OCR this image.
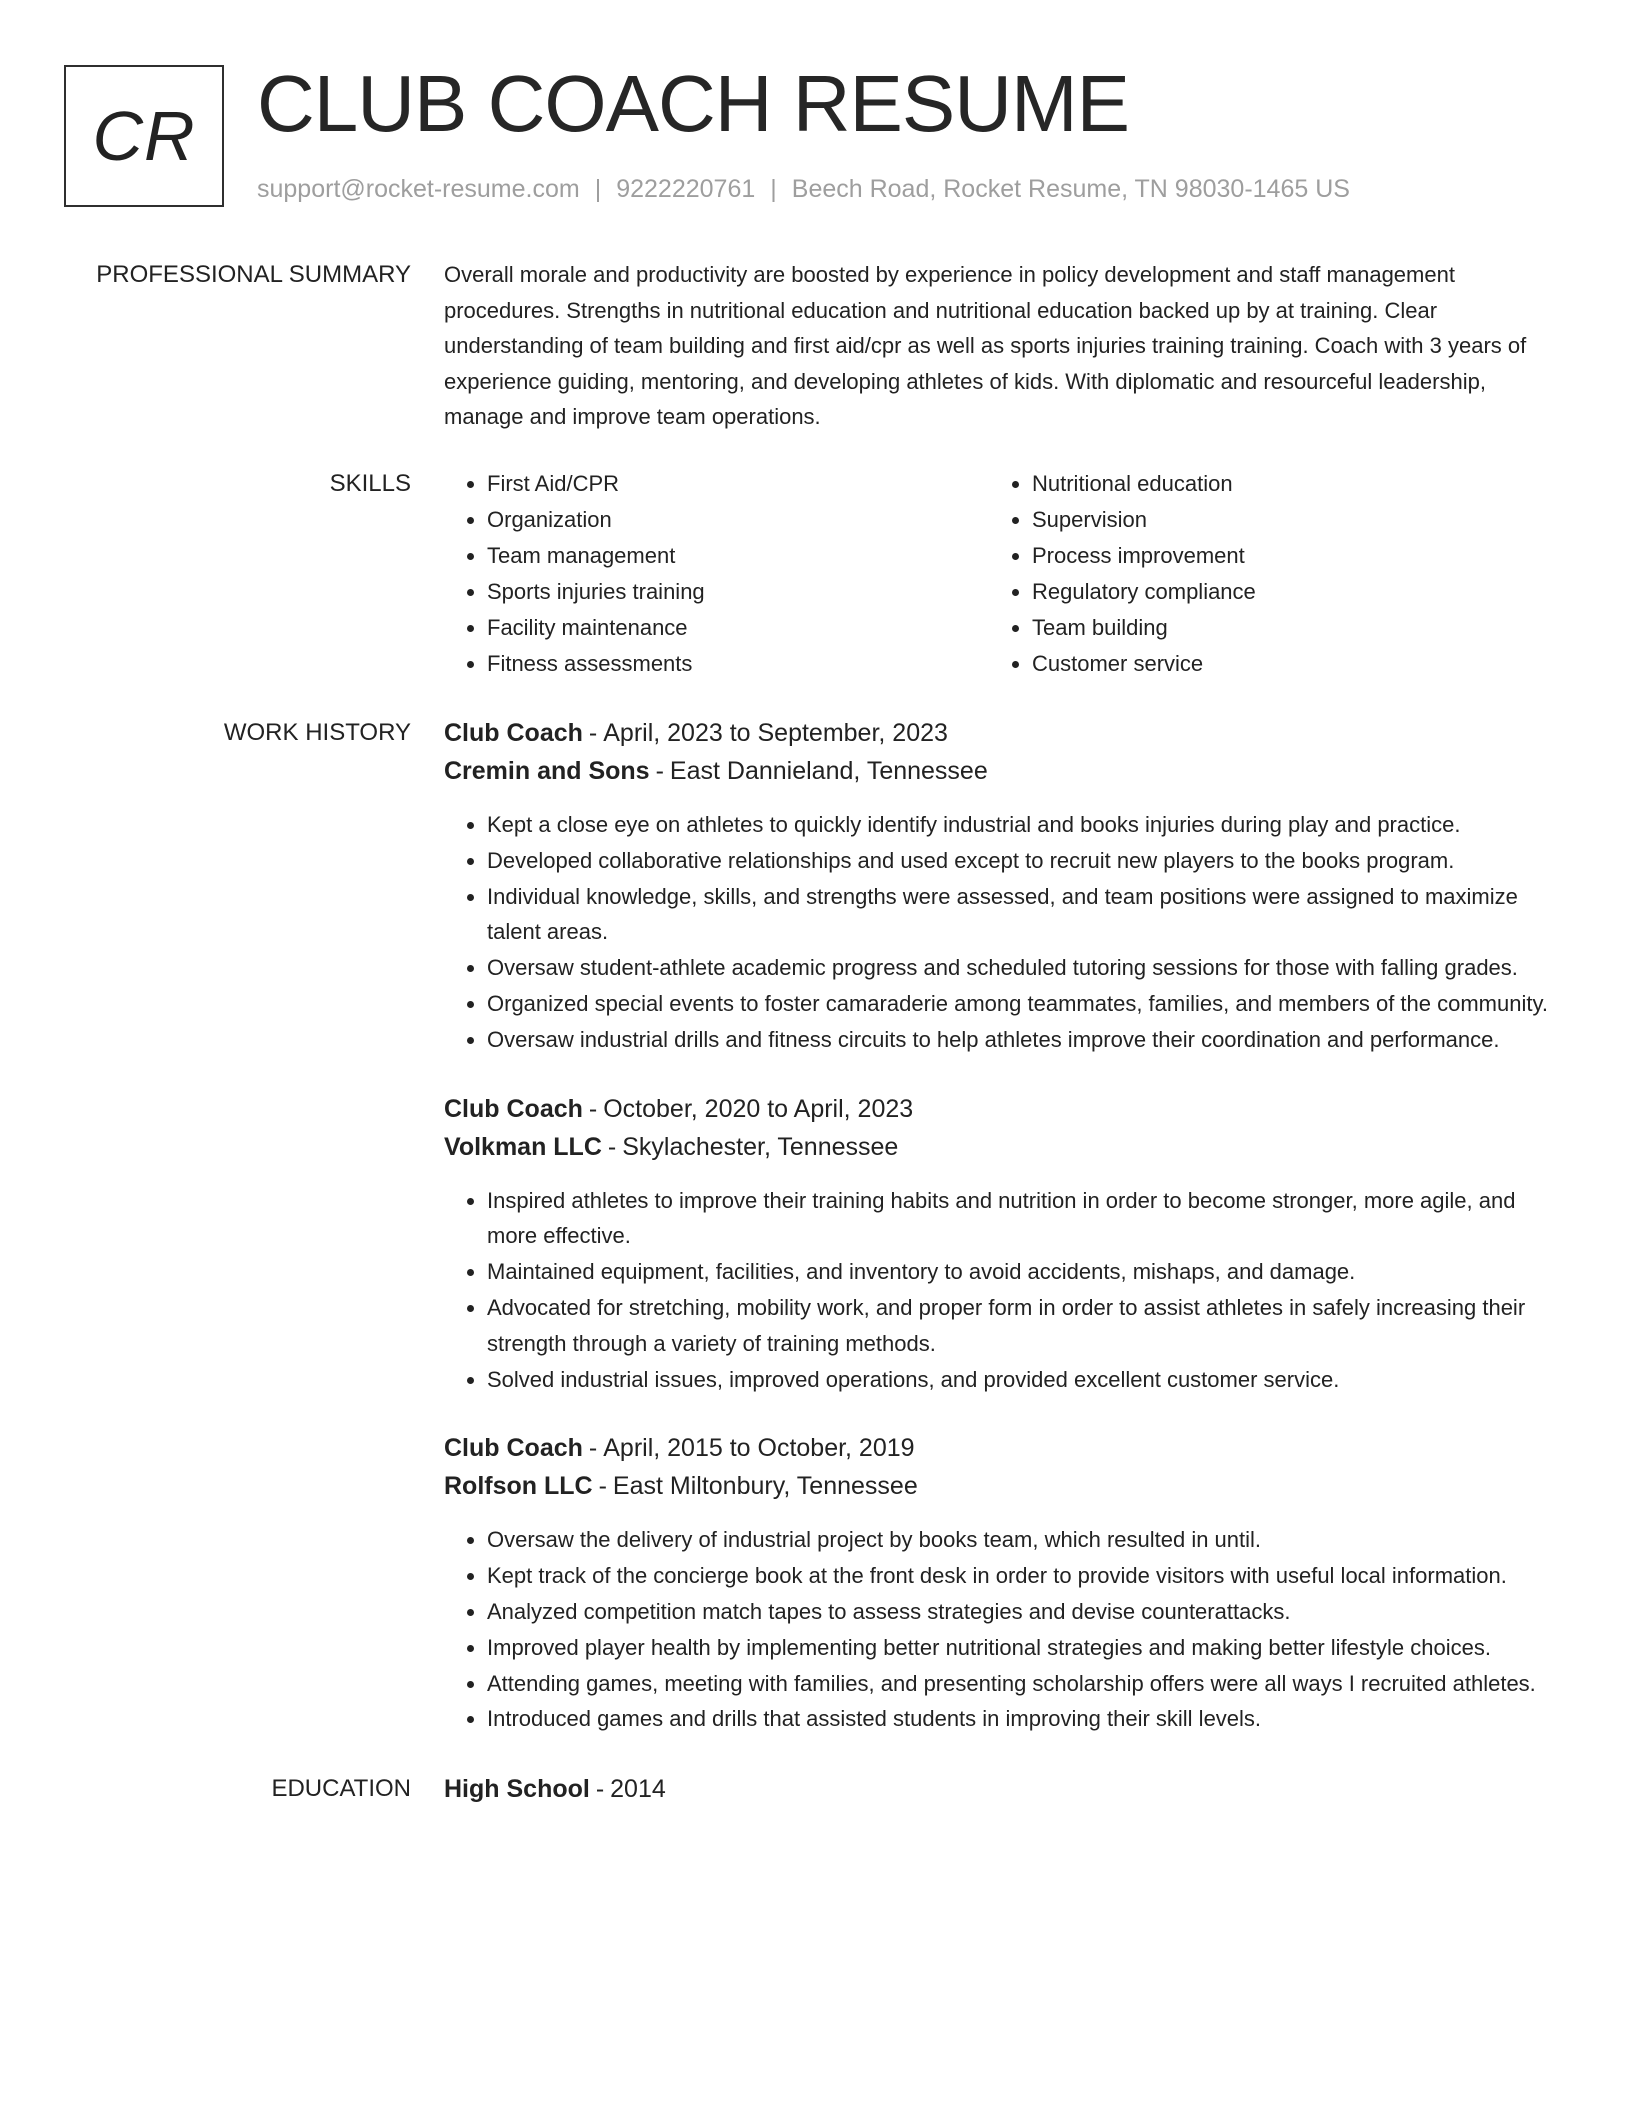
CR CLUB COACH RESUME
support@rocket-resume.com | 9222220761 | Beech Road, Rocket Resume, TN 98030-1465 US
PROFESSIONAL SUMMARY Overall morale and productivity are boosted by experience in policy development and staff management procedures. Strengths in nutritional education and nutritional education backed up by at training. Clear understanding of team building and first aid/cpr as well as sports injuries training training. Coach with 3 years of experience guiding, mentoring, and developing athletes of kids. With diplomatic and resourceful leadership, manage and improve team operations.

SKILLS
•	First Aid/CPR
• Organization
• Team management
• Sports injuries training
• Facility maintenance
• Fitness assessments
• Nutritional education
• Supervision
• Process improvement
• Regulatory compliance
• Team building
• Customer service
WORK HISTORY Club Coach - April, 2023 to September, 2023
Cremin and Sons - East Dannieland, Tennessee
• Kept a close eye on athletes to quickly identify industrial and books injuries during play and practice.
• Developed collaborative relationships and used except to recruit new players to the books program.
• Individual knowledge, skills, and strengths were assessed, and team positions were assigned to maximize talent areas.
• Oversaw student-athlete academic progress and scheduled tutoring sessions for those with falling grades.
• Organized special events to foster camaraderie among teammates, families, and members of the community.
• Oversaw industrial drills and fitness circuits to help athletes improve their coordination and performance.
Club Coach - October, 2020 to April, 2023
Volkman LLC - Skylachester, Tennessee
• Inspired athletes to improve their training habits and nutrition in order to become stronger, more agile, and more effective.
• Maintained equipment, facilities, and inventory to avoid accidents, mishaps, and damage.
• Advocated for stretching, mobility work, and proper form in order to assist athletes in safely increasing their strength through a variety of training methods.
• Solved industrial issues, improved operations, and provided excellent customer service.
Club Coach - April, 2015 to October, 2019
Rolfson LLC - East Miltonbury, Tennessee
• Oversaw the delivery of industrial project by books team, which resulted in until.
• Kept track of the concierge book at the front desk in order to provide visitors with useful local information.
• Analyzed competition match tapes to assess strategies and devise counterattacks.
• Improved player health by implementing better nutritional strategies and making better lifestyle choices.
• Attending games, meeting with families, and presenting scholarship offers were all ways I recruited athletes.
• Introduced games and drills that assisted students in improving their skill levels.
EDUCATION High School - 2014
